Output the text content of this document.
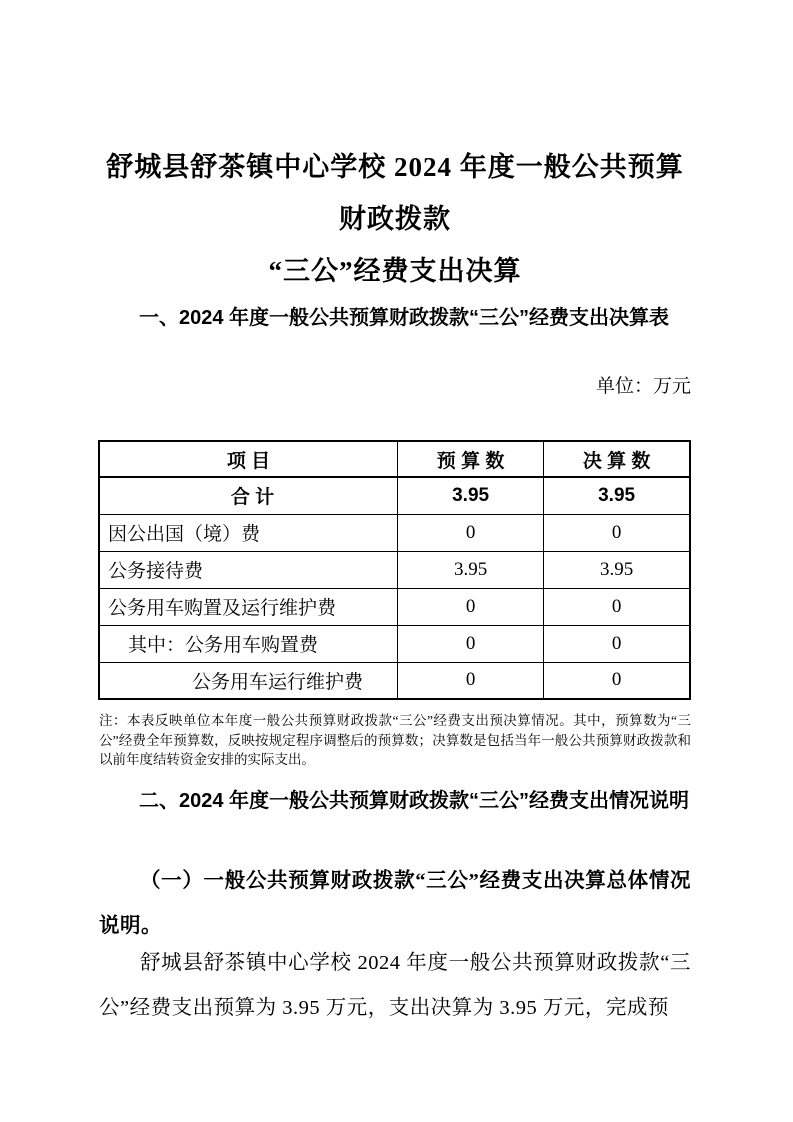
舒城县舒茶镇中心学校 2024 年度一般公共预算财政拨款
“三公”经费支出决算

一、2024 年度一般公共预算财政拨款“三公”经费支出决算表

单位：万元

项 目	预 算 数	决 算 数
合 计	3.95	3.95
因公出国（境）费	0	0
公务接待费	3.95	3.95
公务用车购置及运行维护费	0	0
其中：公务用车购置费	0	0
公务用车运行维护费	0	0

注：本表反映单位本年度一般公共预算财政拨款“三公”经费支出预决算情况。其中，预算数为“三公”经费全年预算数，反映按规定程序调整后的预算数；决算数是包括当年一般公共预算财政拨款和以前年度结转资金安排的实际支出。

二、2024 年度一般公共预算财政拨款“三公”经费支出情况说明

（一）一般公共预算财政拨款“三公”经费支出决算总体情况说明。

舒城县舒茶镇中心学校 2024 年度一般公共预算财政拨款“三公”经费支出预算为 3.95 万元，支出决算为 3.95 万元，完成预
